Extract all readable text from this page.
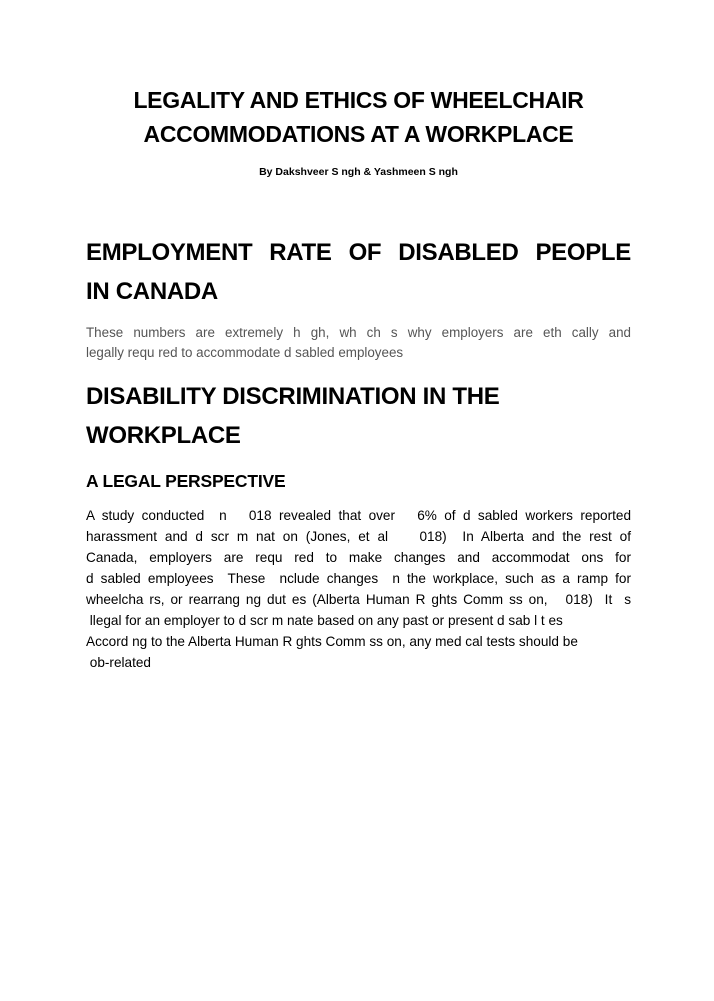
LEGALITY AND ETHICS OF WHEELCHAIR
ACCOMMODATIONS AT A WORKPLACE

By Dakshveer S ngh & Yashmeen S ngh

EMPLOYMENT RATE OF DISABLED PEOPLE
IN CANADA

These numbers are extremely h gh, wh ch s why employers are eth cally and
legally requ red to accommodate d sabled employees

DISABILITY DISCRIMINATION IN THE
WORKPLACE
A LEGAL PERSPECTIVE

A study conducted  n   018 revealed that over   6% of d sabled workers reported
harassment and d scr m nat on (Jones, et al    018)  In Alberta and the rest of
Canada, employers are requ red to make changes and accommodat ons for
d sabled employees  These  nclude changes  n the workplace, such as a ramp for
wheelcha rs, or rearrang ng dut es (Alberta Human R ghts Comm ss on,   018)  It  s
llegal for an employer to d scr m nate based on any past or present d sab l t es
Accord ng to the Alberta Human R ghts Comm ss on, any med cal tests should be
ob-related
